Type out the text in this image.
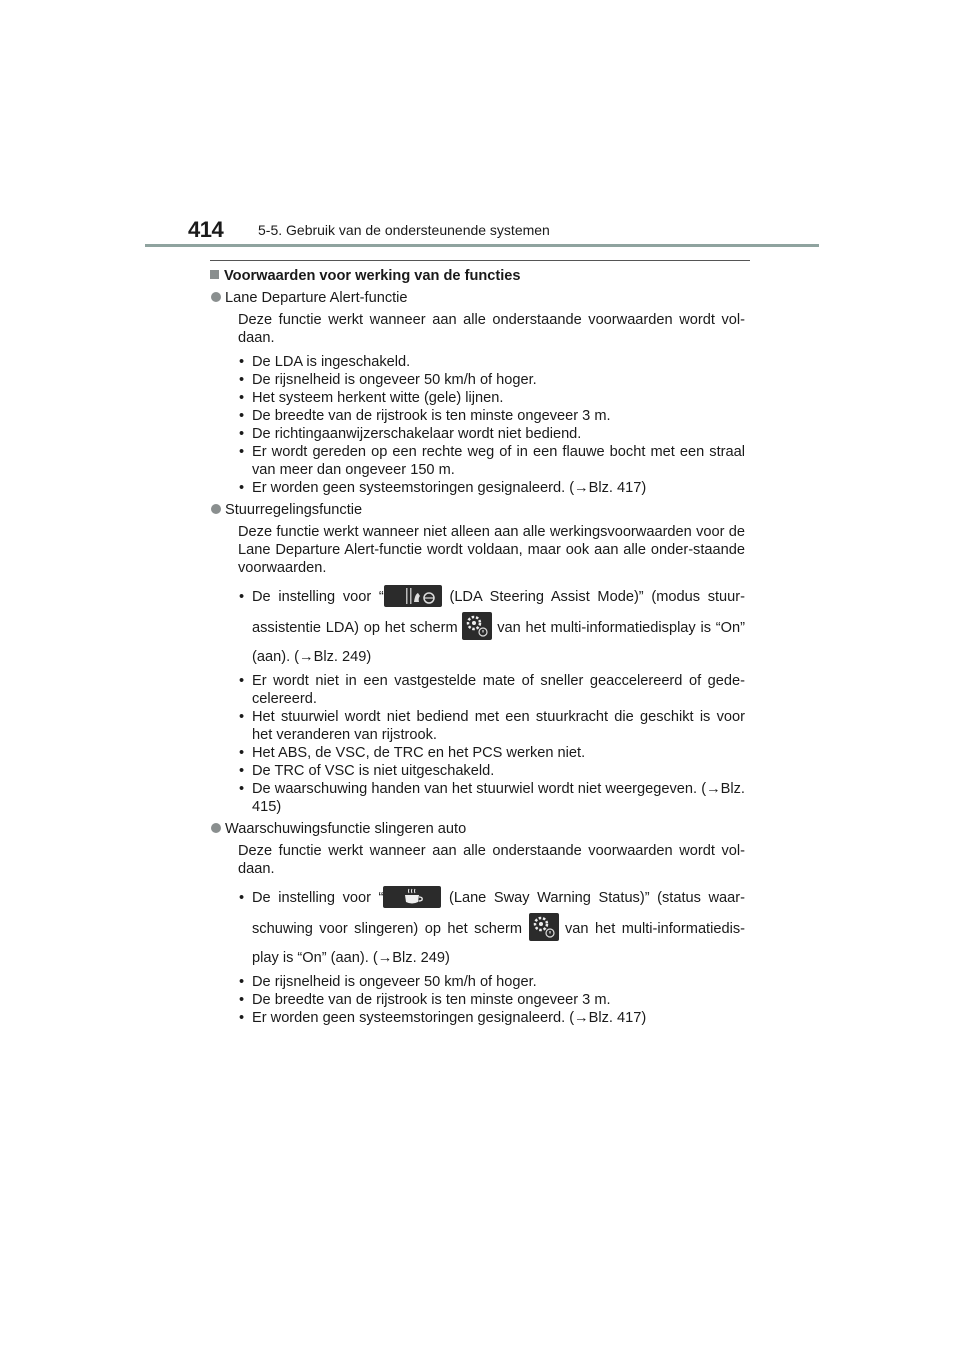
414 5-5. Gebruik van de ondersteunende systemen
Voorwaarden voor werking van de functies
Lane Departure Alert-functie

Deze functie werkt wanneer aan alle onderstaande voorwaarden wordt vol-daan.

• De LDA is ingeschakeld.
• De rijsnelheid is ongeveer 50 km/h of hoger.
• Het systeem herkent witte (gele) lijnen.
• De breedte van de rijstrook is ten minste ongeveer 3 m.
• De richtingaanwijzerschakelaar wordt niet bediend.
• Er wordt gereden op een rechte weg of in een flauwe bocht met een straal van meer dan ongeveer 150 m.
• Er worden geen systeemstoringen gesignaleerd. (→Blz. 417)
Stuurregelingsfunctie

Deze functie werkt wanneer niet alleen aan alle werkingsvoorwaarden voor de Lane Departure Alert-functie wordt voldaan, maar ook aan alle onder-staande voorwaarden.

• De instelling voor “	(LDA Steering Assist Mode)” (modus stuur-assistentie LDA) op het scherm
van het multi-informatiedisplay is “On” (aan). (→Blz. 249)
• Er wordt niet in een vastgestelde mate of sneller geaccelereerd of gede-celereerd.
• Het stuurwiel wordt niet bediend met een stuurkracht die geschikt is voor het veranderen van rijstrook.
• Het ABS, de VSC, de TRC en het PCS werken niet.
• De TRC of VSC is niet uitgeschakeld.
• De waarschuwing handen van het stuurwiel wordt niet weergegeven. (→Blz. 415)
Waarschuwingsfunctie slingeren auto

Deze functie werkt wanneer aan alle onderstaande voorwaarden wordt vol-daan.

• De instelling voor “	(Lane Sway Warning Status)” (status waar-schuwing voor slingeren) op het scherm
van het multi-informatiedis-play is “On” (aan). (→Blz. 249)
• De rijsnelheid is ongeveer 50 km/h of hoger.
• De breedte van de rijstrook is ten minste ongeveer 3 m.
• Er worden geen systeemstoringen gesignaleerd. (→Blz. 417)
